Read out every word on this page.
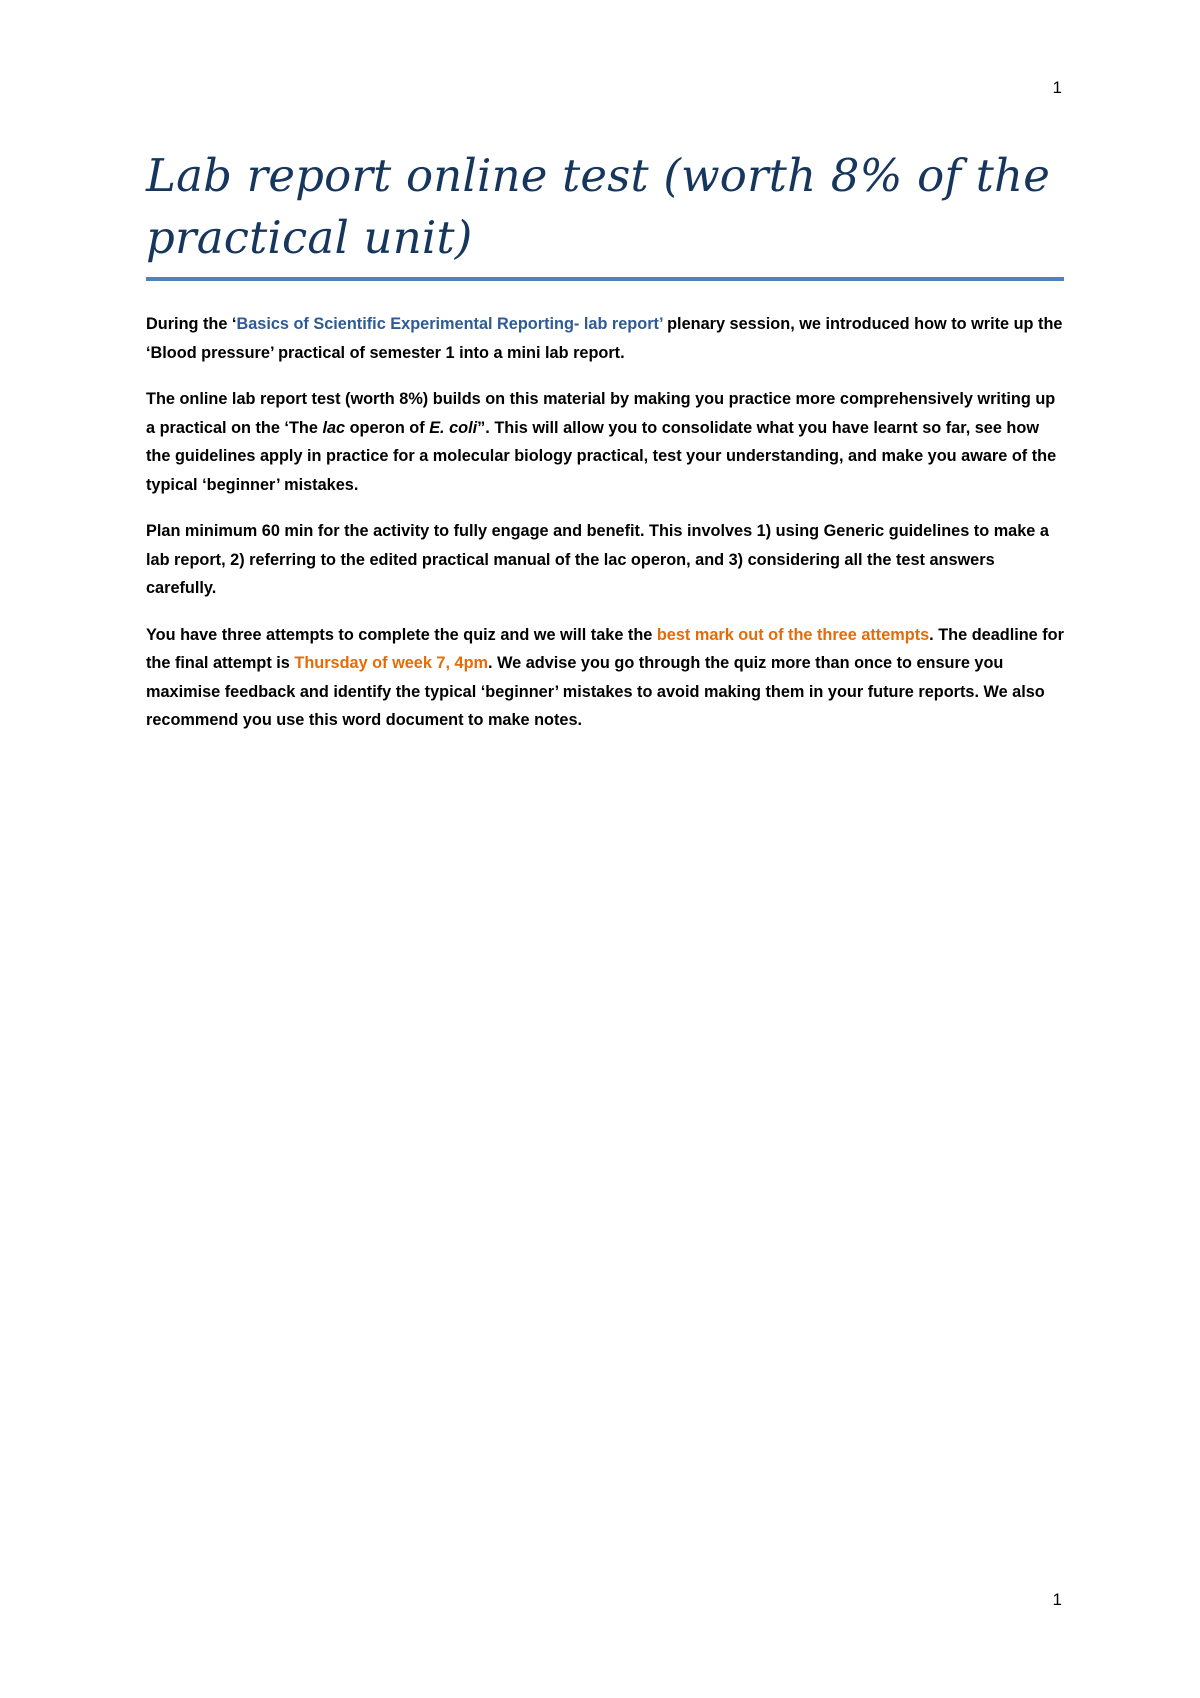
1
Lab report online test (worth 8% of the practical unit)

During the ‘Basics of Scientific Experimental Reporting- lab report’ plenary session, we introduced how to write up the ‘Blood pressure’ practical of semester 1 into a mini lab report.

The online lab report test (worth 8%) builds on this material by making you practice more comprehensively writing up a practical on the ‘The lac operon of E. coli”. This will allow you to consolidate what you have learnt so far, see how the guidelines apply in practice for a molecular biology practical, test your understanding, and make you aware of the typical ‘beginner’ mistakes.

Plan minimum 60 min for the activity to fully engage and benefit. This involves 1) using Generic guidelines to make a lab report, 2) referring to the edited practical manual of the lac operon, and 3) considering all the test answers carefully.

You have three attempts to complete the quiz and we will take the best mark out of the three attempts. The deadline for the final attempt is Thursday of week 7, 4pm. We advise you go through the quiz more than once to ensure you maximise feedback and identify the typical ‘beginner’ mistakes to avoid making them in your future reports. We also recommend you use this word document to make notes.

1
